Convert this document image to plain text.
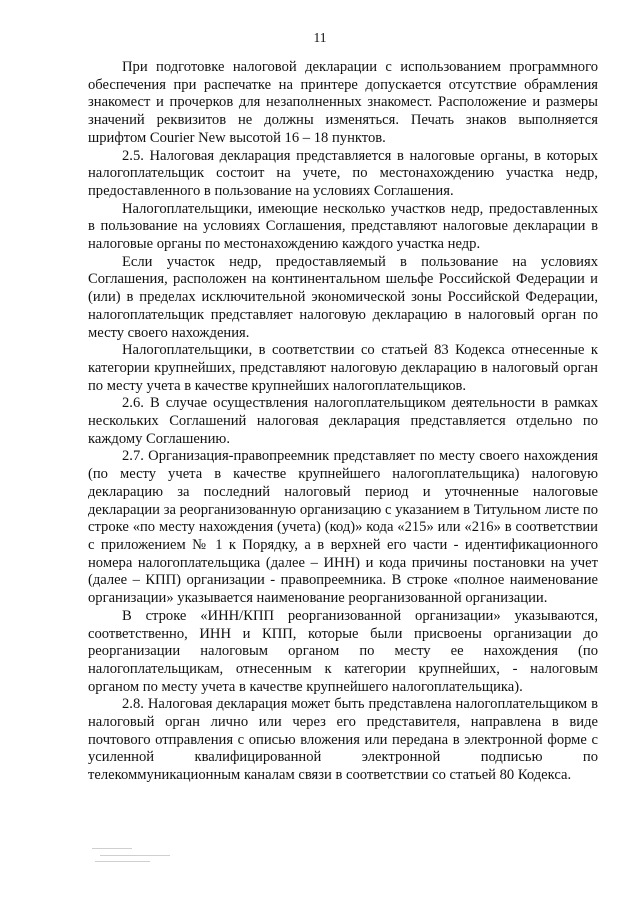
11

При подготовке налоговой декларации с использованием программного обеспечения при распечатке на принтере допускается отсутствие обрамления знакомест и прочерков для незаполненных знакомест. Расположение и размеры значений реквизитов не должны изменяться. Печать знаков выполняется шрифтом Courier New высотой 16 – 18 пунктов.

2.5. Налоговая декларация представляется в налоговые органы, в которых налогоплательщик состоит на учете, по местонахождению участка недр, предоставленного в пользование на условиях Соглашения.

Налогоплательщики, имеющие несколько участков недр, предоставленных в пользование на условиях Соглашения, представляют налоговые декларации в налоговые органы по местонахождению каждого участка недр.

Если участок недр, предоставляемый в пользование на условиях Соглашения, расположен на континентальном шельфе Российской Федерации и (или) в пределах исключительной экономической зоны Российской Федерации, налогоплательщик представляет налоговую декларацию в налоговый орган по месту своего нахождения.

Налогоплательщики, в соответствии со статьей 83 Кодекса отнесенные к категории крупнейших, представляют налоговую декларацию в налоговый орган по месту учета в качестве крупнейших налогоплательщиков.

2.6. В случае осуществления налогоплательщиком деятельности в рамках нескольких Соглашений налоговая декларация представляется отдельно по каждому Соглашению.

2.7. Организация-правопреемник представляет по месту своего нахождения (по месту учета в качестве крупнейшего налогоплательщика) налоговую декларацию за последний налоговый период и уточненные налоговые декларации за реорганизованную организацию с указанием в Титульном листе по строке «по месту нахождения (учета) (код)» кода «215» или «216» в соответствии с приложением № 1 к Порядку, а в верхней его части - идентификационного номера налогоплательщика (далее – ИНН) и кода причины постановки на учет (далее – КПП) организации - правопреемника. В строке «полное наименование организации» указывается наименование реорганизованной организации.

В строке «ИНН/КПП реорганизованной организации» указываются, соответственно, ИНН и КПП, которые были присвоены организации до реорганизации налоговым органом по месту ее нахождения (по налогоплательщикам, отнесенным к категории крупнейших, - налоговым органом по месту учета в качестве крупнейшего налогоплательщика).

2.8. Налоговая декларация может быть представлена налогоплательщиком в налоговый орган лично или через его представителя, направлена в виде почтового отправления с описью вложения или передана в электронной форме с усиленной квалифицированной электронной подписью по телекоммуникационным каналам связи в соответствии со статьей 80 Кодекса.
